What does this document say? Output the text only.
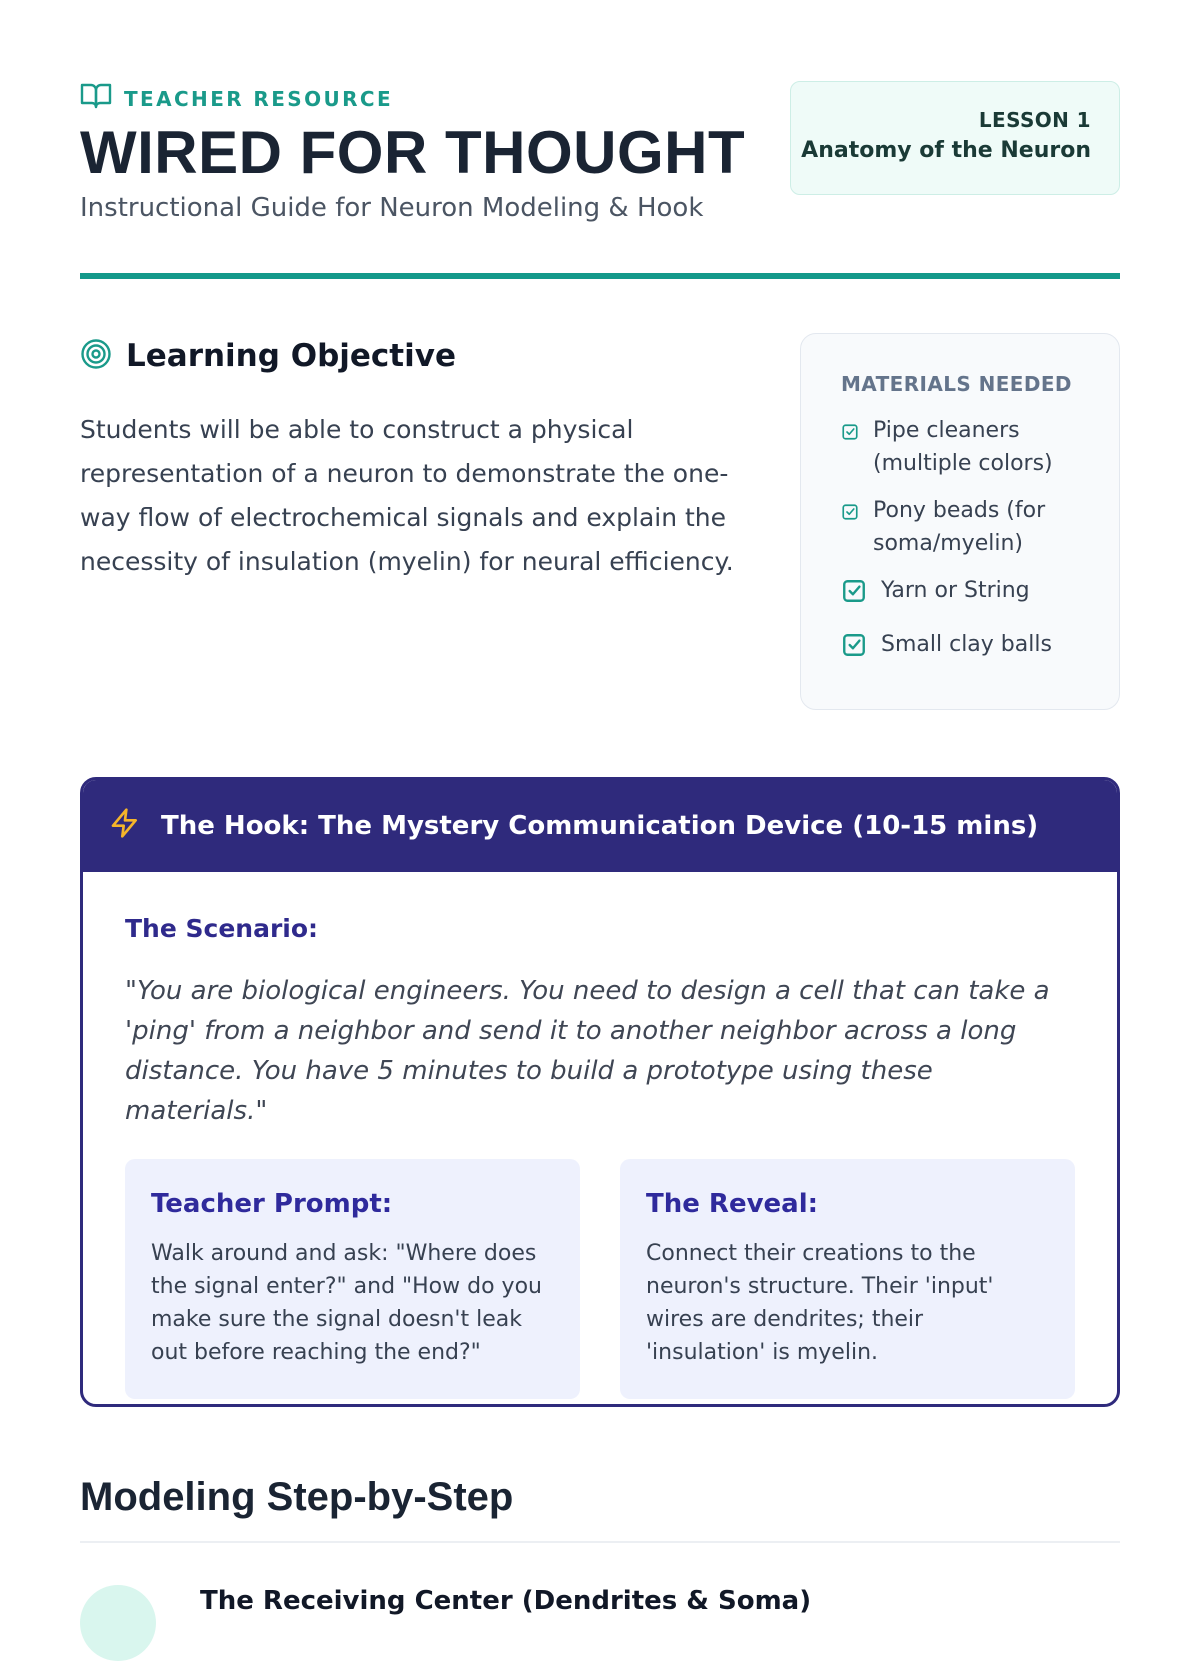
TEACHER RESOURCE
WIRED FOR THOUGHT

Instructional Guide for Neuron Modeling & Hook

LESSON 1
Anatomy of the Neuron
Learning Objective

Students will be able to construct a physical representation of a neuron to demonstrate the one-way flow of electrochemical signals and explain the necessity of insulation (myelin) for neural efficiency.

MATERIALS NEEDED
Pipe cleaners (multiple colors)
Pony beads (for soma/myelin)
Yarn or String
Small clay balls
The Hook: The Mystery Communication Device (10-15 mins)
The Scenario:

"You are biological engineers. You need to design a cell that can take a 'ping' from a neighbor and send it to another neighbor across a long distance. You have 5 minutes to build a prototype using these materials."

Teacher Prompt:

Walk around and ask: "Where does the signal enter?" and "How do you make sure the signal doesn't leak out before reaching the end?"

The Reveal:

Connect their creations to the neuron's structure. Their 'input' wires are dendrites; their 'insulation' is myelin.

Modeling Step-by-Step
The Receiving Center (Dendrites & Soma)
